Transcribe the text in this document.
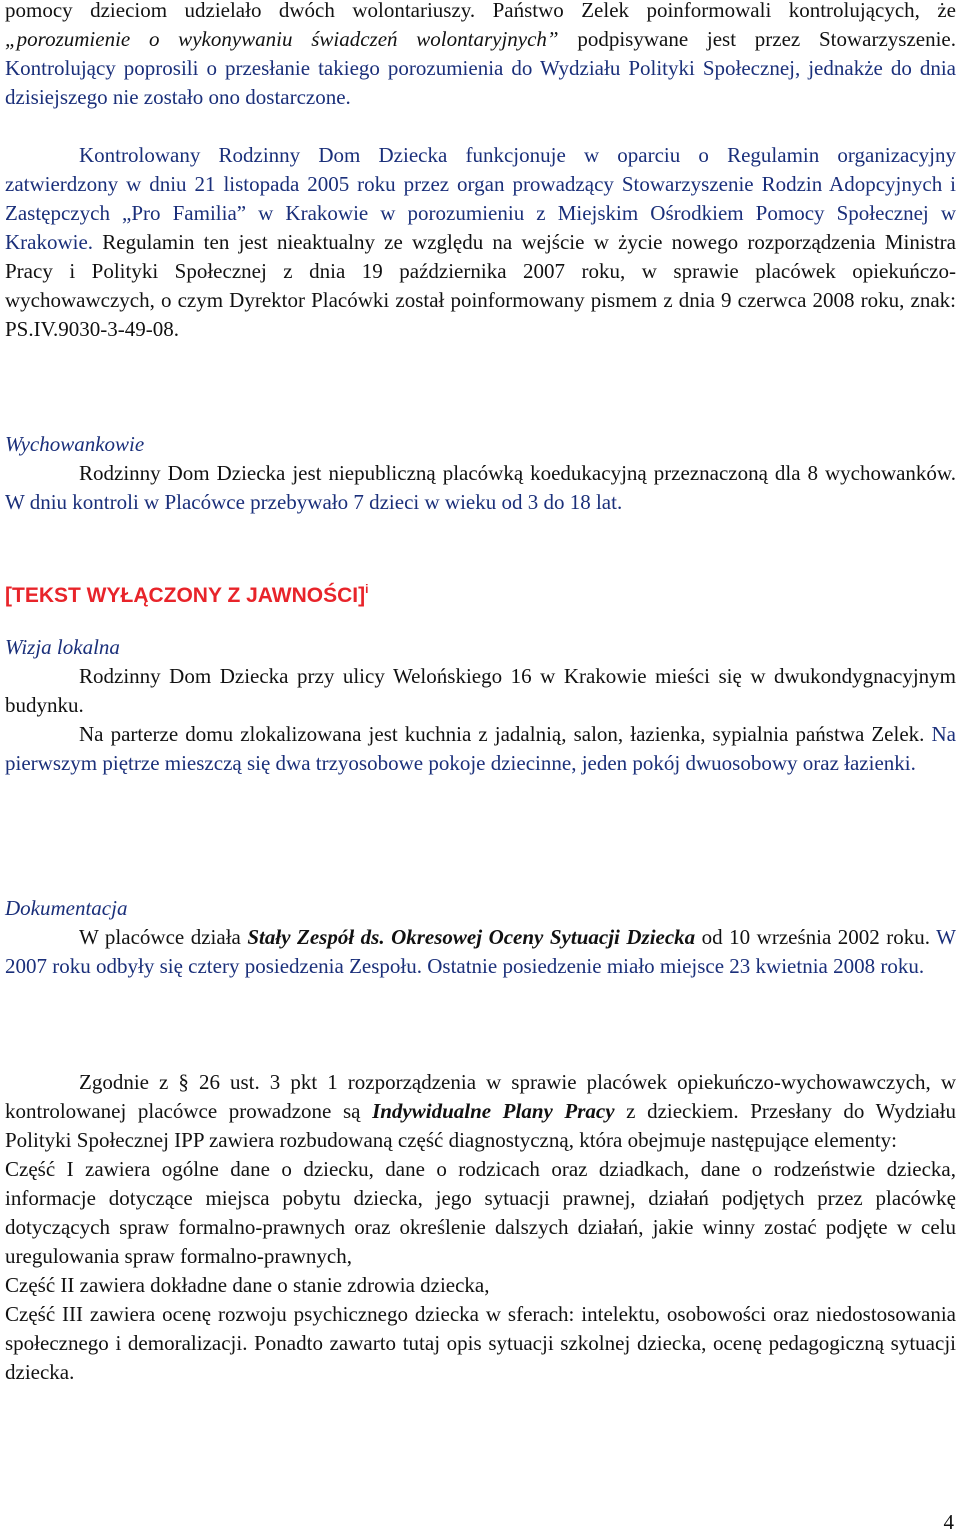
pomocy dzieciom udzielało dwóch wolontariuszy. Państwo Zelek poinformowali kontrolujących, że „porozumienie o wykonywaniu świadczeń wolontaryjnych” podpisywane jest przez Stowarzyszenie. Kontrolujący poprosili o przesłanie takiego porozumienia do Wydziału Polityki Społecznej, jednakże do dnia dzisiejszego nie zostało ono dostarczone.

Kontrolowany Rodzinny Dom Dziecka funkcjonuje w oparciu o Regulamin organizacyjny zatwierdzony w dniu 21 listopada 2005 roku przez organ prowadzący Stowarzyszenie Rodzin Adopcyjnych i Zastępczych „Pro Familia” w Krakowie w porozumieniu z Miejskim Ośrodkiem Pomocy Społecznej w Krakowie. Regulamin ten jest nieaktualny ze względu na wejście w życie nowego rozporządzenia Ministra Pracy i Polityki Społecznej z dnia 19 października 2007 roku, w sprawie placówek opiekuńczo-wychowawczych, o czym Dyrektor Placówki został poinformowany pismem z dnia 9 czerwca 2008 roku, znak: PS.IV.9030-3-49-08.

Wychowankowie

Rodzinny Dom Dziecka jest niepubliczną placówką koedukacyjną przeznaczoną dla 8 wychowanków. W dniu kontroli w Placówce przebywało 7 dzieci w wieku od 3 do 18 lat.

[TEKST WYŁĄCZONY Z JAWNOŚCI]$^i$

Wizja lokalna

Rodzinny Dom Dziecka przy ulicy Welońskiego 16 w Krakowie mieści się w dwukondygnacyjnym budynku.

Na parterze domu zlokalizowana jest kuchnia z jadalnią, salon, łazienka, sypialnia państwa Zelek. Na pierwszym piętrze mieszczą się dwa trzyosobowe pokoje dziecinne, jeden pokój dwuosobowy oraz łazienki.

Dokumentacja

W placówce działa Stały Zespół ds. Okresowej Oceny Sytuacji Dziecka od 10 września 2002 roku. W 2007 roku odbyły się cztery posiedzenia Zespołu. Ostatnie posiedzenie miało miejsce 23 kwietnia 2008 roku.

Zgodnie z § 26 ust. 3 pkt 1 rozporządzenia w sprawie placówek opiekuńczo-wychowawczych, w kontrolowanej placówce prowadzone są Indywidualne Plany Pracy z dzieckiem. Przesłany do Wydziału Polityki Społecznej IPP zawiera rozbudowaną część diagnostyczną, która obejmuje następujące elementy:

Część I zawiera ogólne dane o dziecku, dane o rodzicach oraz dziadkach, dane o rodzeństwie dziecka, informacje dotyczące miejsca pobytu dziecka, jego sytuacji prawnej, działań podjętych przez placówkę dotyczących spraw formalno-prawnych oraz określenie dalszych działań, jakie winny zostać podjęte w celu uregulowania spraw formalno-prawnych,

Część II zawiera dokładne dane o stanie zdrowia dziecka,

Część III zawiera ocenę rozwoju psychicznego dziecka w sferach: intelektu, osobowości oraz niedostosowania społecznego i demoralizacji. Ponadto zawarto tutaj opis sytuacji szkolnej dziecka, ocenę pedagogiczną sytuacji dziecka.

4
